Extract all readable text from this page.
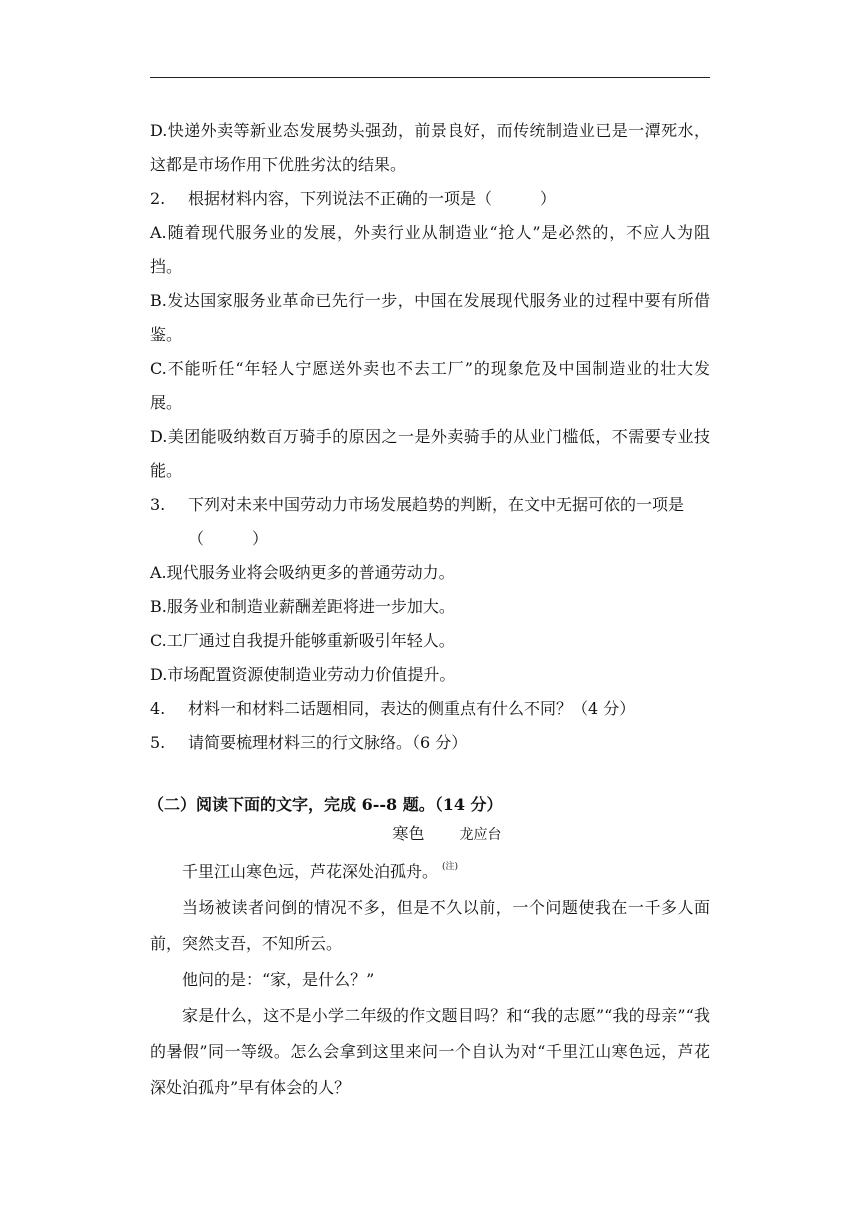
D.快递外卖等新业态发展势头强劲，前景良好，而传统制造业已是一潭死水，这都是市场作用下优胜劣汰的结果。

2.	根据材料内容，下列说法不正确的一项是（　　　）

A.随着现代服务业的发展，外卖行业从制造业“抢人”是必然的，不应人为阻挡。

B.发达国家服务业革命已先行一步，中国在发展现代服务业的过程中要有所借鉴。

C.不能听任“年轻人宁愿送外卖也不去工厂”的现象危及中国制造业的壮大发展。

D.美团能吸纳数百万骑手的原因之一是外卖骑手的从业门槛低，不需要专业技能。

3.	下列对未来中国劳动力市场发展趋势的判断，在文中无据可依的一项是（　　　）

A.现代服务业将会吸纳更多的普通劳动力。

B.服务业和制造业薪酬差距将进一步加大。

C.工厂通过自我提升能够重新吸引年轻人。

D.市场配置资源使制造业劳动力价值提升。

4.	材料一和材料二话题相同，表达的侧重点有什么不同？（4 分）
5.	请简要梳理材料三的行文脉络。（6 分）

（二）阅读下面的文字，完成 6--8 题。（14 分）

寒色	龙应台

千里江山寒色远，芦花深处泊孤舟。 $^{(注)}$

当场被读者问倒的情况不多，但是不久以前，一个问题使我在一千多人面前，突然支吾，不知所云。

他问的是：“家，是什么？”

家是什么，这不是小学二年级的作文题目吗？和“我的志愿”“我的母亲”“我的暑假”同一等级。怎么会拿到这里来问一个自认为对“千里江山寒色远，芦花深处泊孤舟”早有体会的人？
